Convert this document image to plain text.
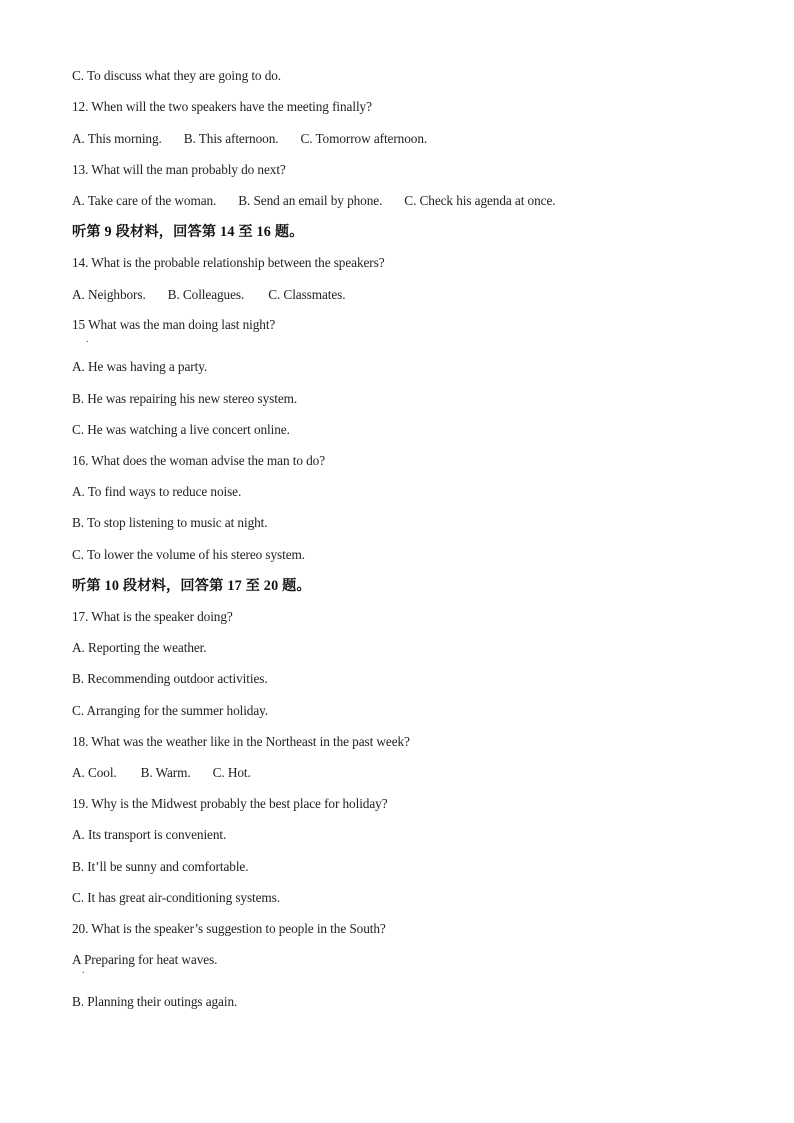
C. To discuss what they are going to do.
12. When will the two speakers have the meeting finally?
A. This morning. B. This afternoon. C. Tomorrow afternoon.
13. What will the man probably do next?
A. Take care of the woman. B. Send an email by phone. C. Check his agenda at once.
听第 9 段材料，回答第 14 至 16 题。
14. What is the probable relationship between the speakers?
A. Neighbors. B. Colleagues. C. Classmates.
15 What was the man doing last night?
.
A. He was having a party.
B. He was repairing his new stereo system.
C. He was watching a live concert online.
16. What does the woman advise the man to do?
A. To find ways to reduce noise.
B. To stop listening to music at night.
C. To lower the volume of his stereo system.
听第 10 段材料，回答第 17 至 20 题。
17. What is the speaker doing?
A. Reporting the weather.
B. Recommending outdoor activities.
C. Arranging for the summer holiday.
18. What was the weather like in the Northeast in the past week?
A. Cool. B. Warm. C. Hot.
19. Why is the Midwest probably the best place for holiday?
A. Its transport is convenient.
B. It’ll be sunny and comfortable.
C. It has great air-conditioning systems.
20. What is the speaker’s suggestion to people in the South?
A Preparing for heat waves.
.
B. Planning their outings again.
